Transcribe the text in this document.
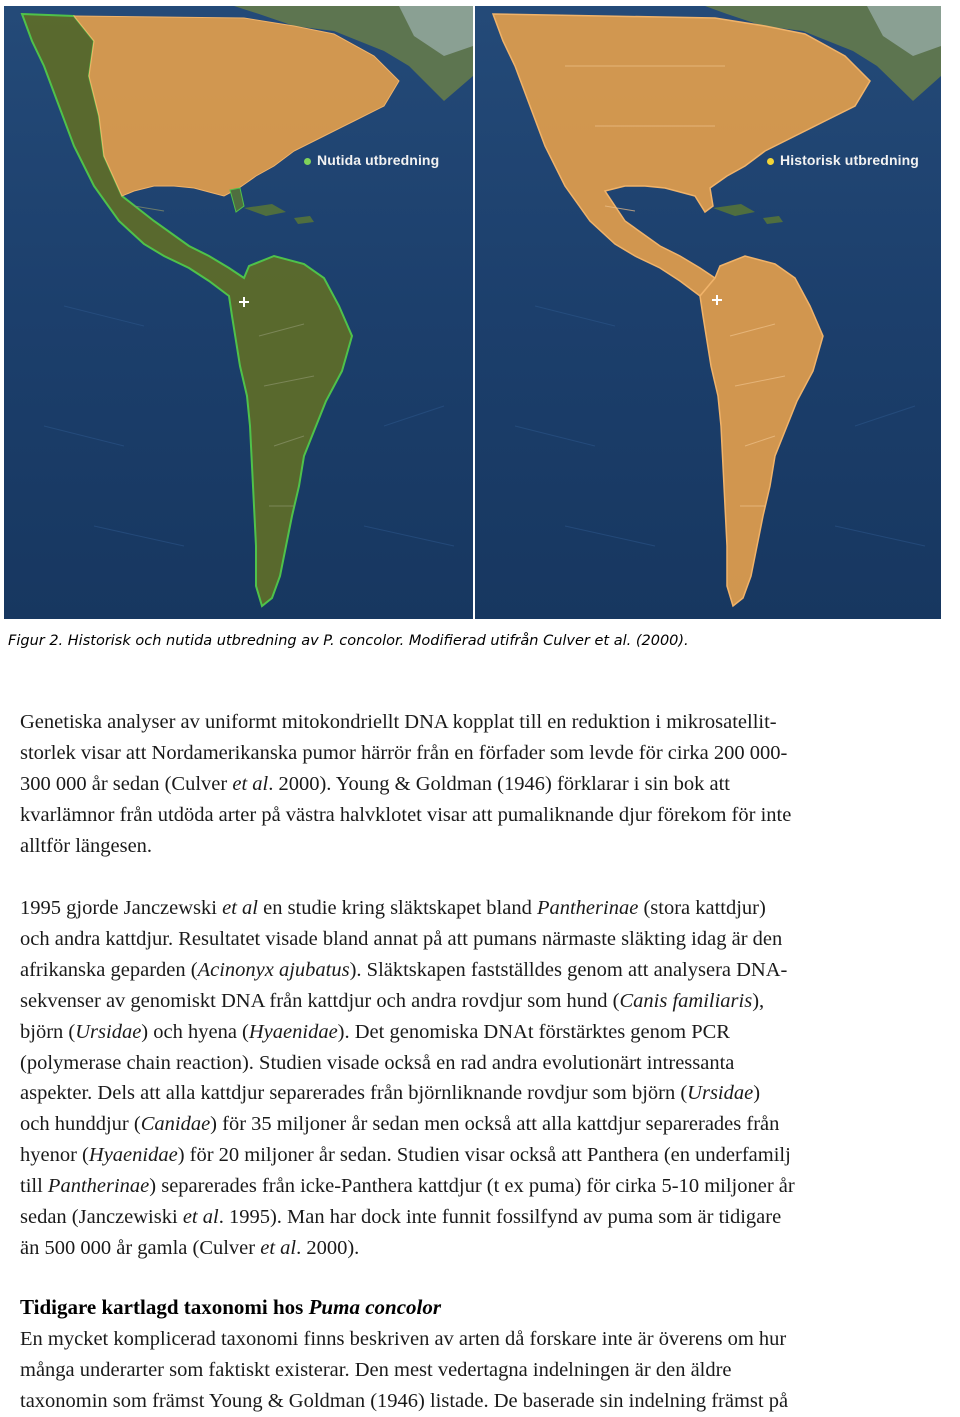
Nutida utbredning	Historisk utbredning
Figur 2. Historisk och nutida utbredning av P. concolor. Modifierad utifrån Culver et al. (2000).
Genetiska analyser av uniformt mitokondriellt DNA kopplat till en reduktion i mikrosatellit-
storlek visar att Nordamerikanska pumor härrör från en förfader som levde för cirka 200 000-
300 000 år sedan (Culver et al. 2000). Young & Goldman (1946) förklarar i sin bok att
kvarlämnor från utdöda arter på västra halvklotet visar att pumaliknande djur förekom för inte
alltför längesen.
1995 gjorde Janczewski et al en studie kring släktskapet bland Pantherinae (stora kattdjur)
och andra kattdjur. Resultatet visade bland annat på att pumans närmaste släkting idag är den
afrikanska geparden (Acinonyx ajubatus). Släktskapen fastställdes genom att analysera DNA-
sekvenser av genomiskt DNA från kattdjur och andra rovdjur som hund (Canis familiaris),
björn (Ursidae) och hyena (Hyaenidae). Det genomiska DNAt förstärktes genom PCR
(polymerase chain reaction). Studien visade också en rad andra evolutionärt intressanta
aspekter. Dels att alla kattdjur separerades från björnliknande rovdjur som björn (Ursidae)
och hunddjur (Canidae) för 35 miljoner år sedan men också att alla kattdjur separerades från
hyenor (Hyaenidae) för 20 miljoner år sedan. Studien visar också att Panthera (en underfamilj
till Pantherinae) separerades från icke-Panthera kattdjur (t ex puma) för cirka 5-10 miljoner år
sedan (Janczewiski et al. 1995). Man har dock inte funnit fossilfynd av puma som är tidigare
än 500 000 år gamla (Culver et al. 2000).
Tidigare kartlagd taxonomi hos Puma concolor
En mycket komplicerad taxonomi finns beskriven av arten då forskare inte är överens om hur
många underarter som faktiskt existerar. Den mest vedertagna indelningen är den äldre
taxonomin som främst Young & Goldman (1946) listade. De baserade sin indelning främst på
